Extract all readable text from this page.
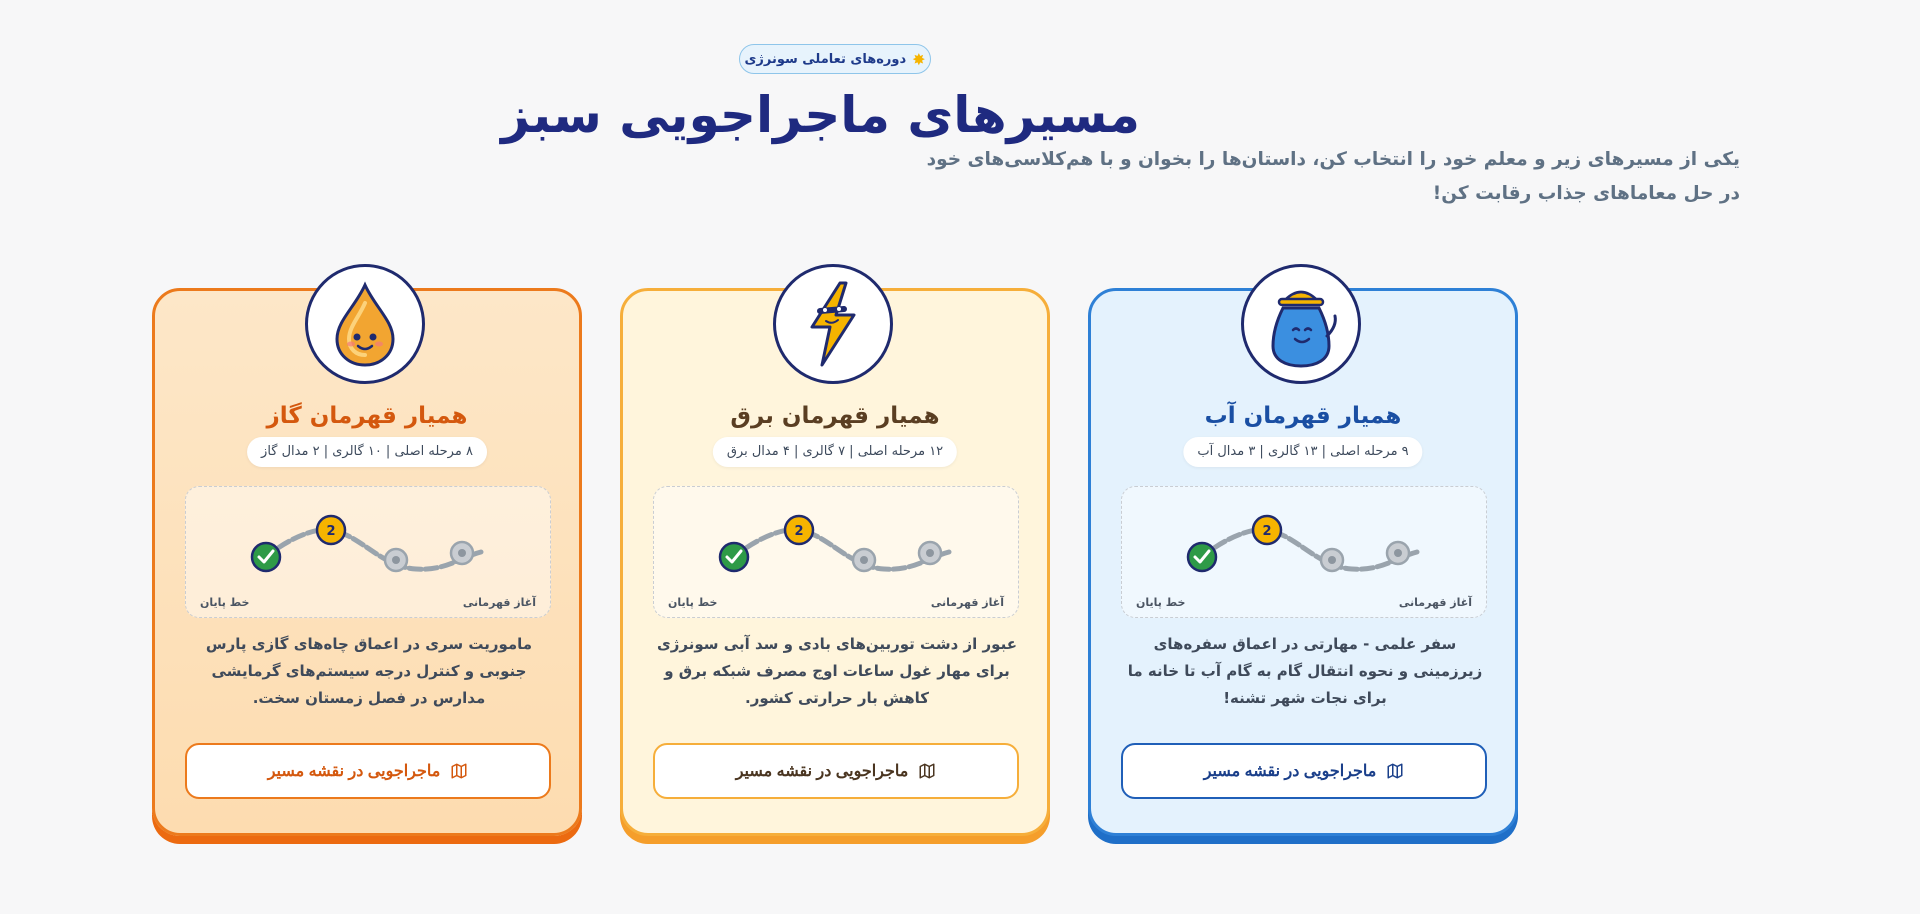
✸
دوره‌های تعاملی سونرژی
مسیرهای ماجراجویی سبز
یکی از مسیرهای زیر و معلم خود را انتخاب کن، داستان‌ها را بخوان و با هم‌کلاسی‌های خود در حل معاماهای جذاب رقابت کن!
همیار قهرمان گاز
۸ مرحله اصلی | ۱۰ گالری | ۲ مدال گاز
2
آغاز قهرمانی
خط پایان
ماموریت سری در اعماق چاه‌های گازی پارس جنوبی و کنترل درجه سیستم‌های گرمایشی مدارس در فصل زمستان سخت.
ماجراجویی در نقشه مسیر
همیار قهرمان برق
۱۲ مرحله اصلی | ۷ گالری | ۴ مدال برق
2
آغاز قهرمانی
خط پایان
عبور از دشت توربین‌های بادی و سد آبی سونرژی برای مهار غول ساعات اوج مصرف شبکه برق و کاهش بار حرارتی کشور.
ماجراجویی در نقشه مسیر
همیار قهرمان آب
۹ مرحله اصلی | ۱۳ گالری | ۳ مدال آب
2
آغاز قهرمانی
خط پایان
سفر علمی - مهارتی در اعماق سفره‌های زیرزمینی و نحوه انتقال گام به گام آب تا خانه ما برای نجات شهر تشنه!
ماجراجویی در نقشه مسیر
